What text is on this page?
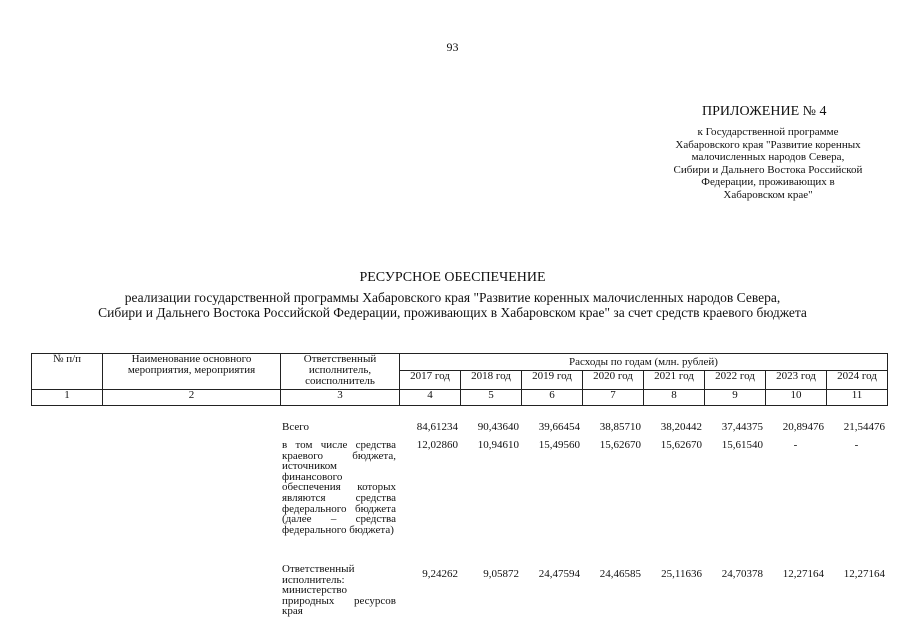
93
ПРИЛОЖЕНИЕ № 4
к Государственной программе
Хабаровского края "Развитие коренных
малочисленных народов Севера,
Сибири и Дальнего Востока Российской
Федерации, проживающих в
Хабаровском крае"
РЕСУРСНОЕ ОБЕСПЕЧЕНИЕ
реализации государственной программы Хабаровского края "Развитие коренных малочисленных народов Севера,
Сибири и Дальнего Востока Российской Федерации, проживающих в Хабаровском крае" за счет средств краевого бюджета
№ п/п	Наименование основного мероприятия, мероприятия	Ответственный исполнитель, соисполнитель	Расходы по годам (млн. рублей)							
			2017 год	2018 год	2019 год	2020 год	2021 год	2022 год	2023 год	2024 год
1	2	3	4	5	6	7	8	9	10	11
		Всего	84,61234	90,43640	39,66454	38,85710	38,20442	37,44375	20,89476	21,54476
		в том числе средства краевого бюджета, источником финансового обеспечения которых являются средства федерального бюджета (далее – средства федерального бюджета)	12,02860	10,94610	15,49560	15,62670	15,62670	15,61540	-	-
		Ответственный исполнитель: министерство природных ресурсов края	9,24262	9,05872	24,47594	24,46585	25,11636	24,70378	12,27164	12,27164
